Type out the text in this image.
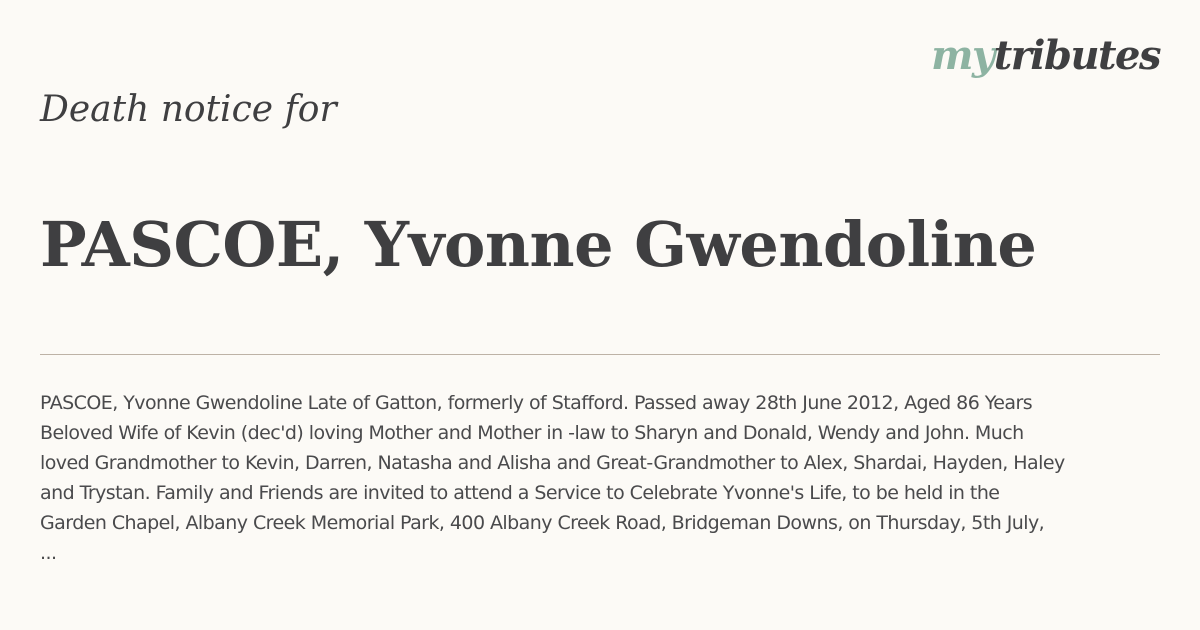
mytributes
Death notice for
PASCOE, Yvonne Gwendoline

PASCOE, Yvonne Gwendoline Late of Gatton, formerly of Stafford. Passed away 28th June 2012, Aged 86 Years
Beloved Wife of Kevin (dec'd) loving Mother and Mother in -law to Sharyn and Donald, Wendy and John. Much
loved Grandmother to Kevin, Darren, Natasha and Alisha and Great-Grandmother to Alex, Shardai, Hayden, Haley
and Trystan. Family and Friends are invited to attend a Service to Celebrate Yvonne's Life, to be held in the
Garden Chapel, Albany Creek Memorial Park, 400 Albany Creek Road, Bridgeman Downs, on Thursday, 5th July,
...
